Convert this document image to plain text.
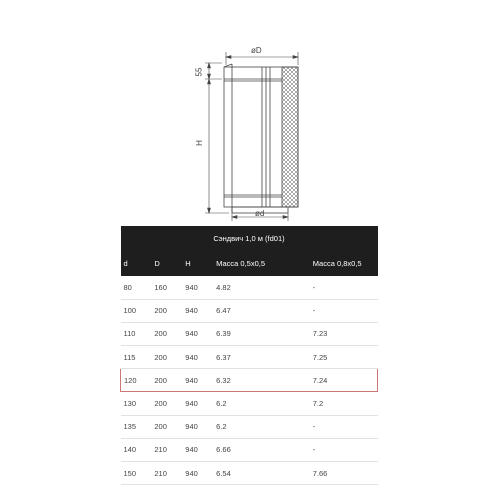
øD
ød
55
H
Сэндвич 1,0 м (fd01)				
d	D	H	Масса 0,5х0,5	Масса 0,8х0,5
80	160	940	4.82	-
100	200	940	6.47	-
110	200	940	6.39	7.23
115	200	940	6.37	7.25
120	200	940	6.32	7.24
130	200	940	6.2	7.2
135	200	940	6.2	-
140	210	940	6.66	-
150	210	940	6.54	7.66
